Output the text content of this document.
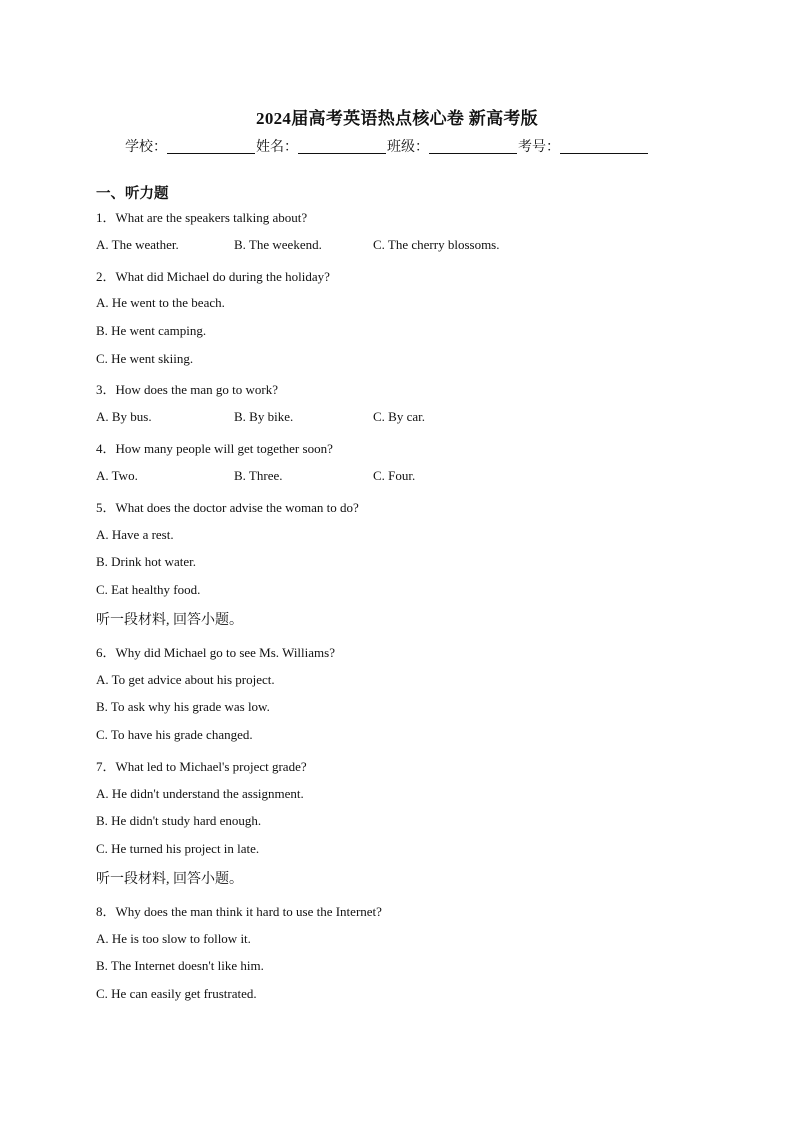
2024届高考英语热点核心卷 新高考版
学校：	姓名：	班级：	考号：
一、听力题
1．What are the speakers talking about?
A. The weather.	B. The weekend.	C. The cherry blossoms.
2．What did Michael do during the holiday?
A. He went to the beach.
B. He went camping.
C. He went skiing.
3．How does the man go to work?
A. By bus.	B. By bike.	C. By car.
4．How many people will get together soon?
A. Two.	B. Three.	C. Four.
5．What does the doctor advise the woman to do?
A. Have a rest.
B. Drink hot water.
C. Eat healthy food.
听一段材料, 回答小题。
6．Why did Michael go to see Ms. Williams?
A. To get advice about his project.
B. To ask why his grade was low.
C. To have his grade changed.
7．What led to Michael's project grade?
A. He didn't understand the assignment.
B. He didn't study hard enough.
C. He turned his project in late.
听一段材料, 回答小题。
8．Why does the man think it hard to use the Internet?
A. He is too slow to follow it.
B. The Internet doesn't like him.
C. He can easily get frustrated.
